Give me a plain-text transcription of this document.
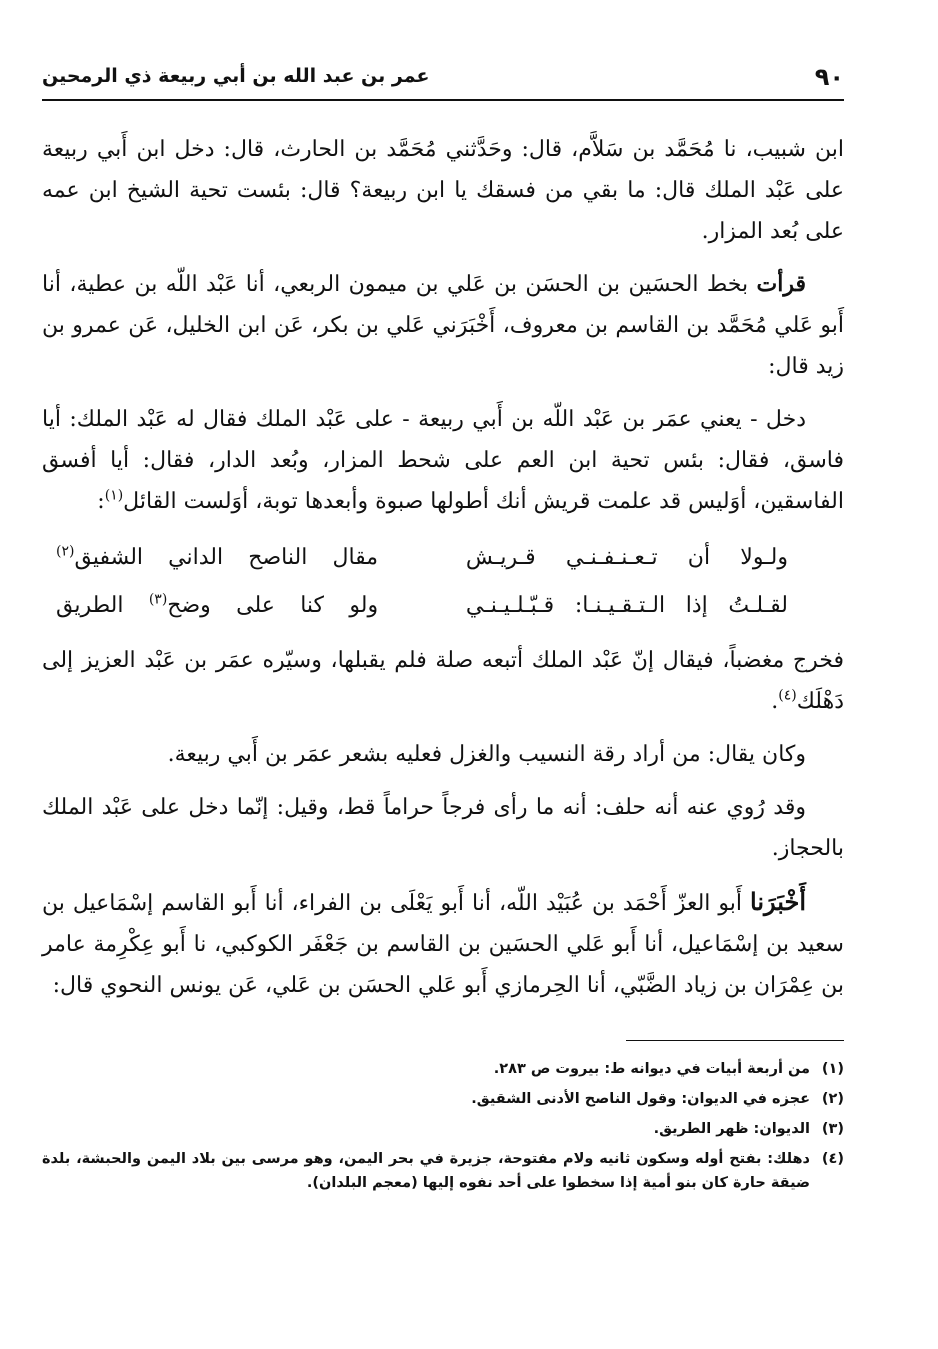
٩٠
عمر بن عبد الله بن أبي ربيعة ذي الرمحين

ابن شبيب، نا مُحَمَّد بن سَلاَّم، قال: وحَدَّثني مُحَمَّد بن الحارث، قال: دخل ابن أَبي ربيعة على عَبْد الملك قال: ما بقي من فسقك يا ابن ربيعة؟ قال: بئست تحية الشيخ ابن عمه على بُعد المزار.

قرأت بخط الحسَين بن الحسَن بن عَلي بن ميمون الربعي، أنا عَبْد اللّه بن عطية، أنا أَبو عَلي مُحَمَّد بن القاسم بن معروف، أَخْبَرَني عَلي بن بكر، عَن ابن الخليل، عَن عمرو بن زيد قال:

دخل - يعني عمَر بن عَبْد اللّه بن أَبي ربيعة - على عَبْد الملك فقال له عَبْد الملك: أيا فاسق، فقال: بئس تحية ابن العم على شحط المزار، وبُعد الدار، فقال: أيا أفسق الفاسقين، أوَليس قد علمت قريش أنك أطولها صبوة وأبعدها توبة، أوَلست القائل$^{(١)}$:

ولـولا أن تـعـنـفـنـي قـريـش
مقال الناصح الداني الشفيق$^{(٢)}$
لقـلـتُ إذا الـتـقـيـنـا: قـبّـلـيـنـي
ولو كنا على وضح$^{(٣)}$ الطريق

فخرج مغضباً، فيقال إنّ عَبْد الملك أتبعه صلة فلم يقبلها، وسيّره عمَر بن عَبْد العزيز إلى دَهْلَك$^{(٤)}$.

وكان يقال: من أراد رقة النسيب والغزل فعليه بشعر عمَر بن أَبي ربيعة.

وقد رُوي عنه أنه حلف: أنه ما رأى فرجاً حراماً قط، وقيل: إنّما دخل على عَبْد الملك بالحجاز.

أَخْبَرَنا أَبو العزّ أَحْمَد بن عُبَيْد اللّه، أنا أَبو يَعْلَى بن الفراء، أنا أَبو القاسم إسْمَاعيل بن سعيد بن إسْمَاعيل، أنا أَبو عَلي الحسَين بن القاسم بن جَعْفَر الكوكبي، نا أَبو عِكْرِمة عامر بن عِمْرَان بن زياد الضَّبّي، أنا الحِرمازي أَبو عَلي الحسَن بن عَلي، عَن يونس النحوي قال:

(١)
من أربعة أبيات في ديوانه ط: بيروت ص ٢٨٣.
(٢)
عجزه في الديوان: وقول الناصح الأدنى الشقيق.
(٣)
الديوان: ظهر الطريق.
(٤)
دهلك: بفتح أوله وسكون ثانيه ولام مفتوحة، جزيرة في بحر اليمن، وهو مرسى بين بلاد اليمن والحبشة، بلدة ضيقة حارة كان بنو أمية إذا سخطوا على أحد نفوه إليها (معجم البلدان).
